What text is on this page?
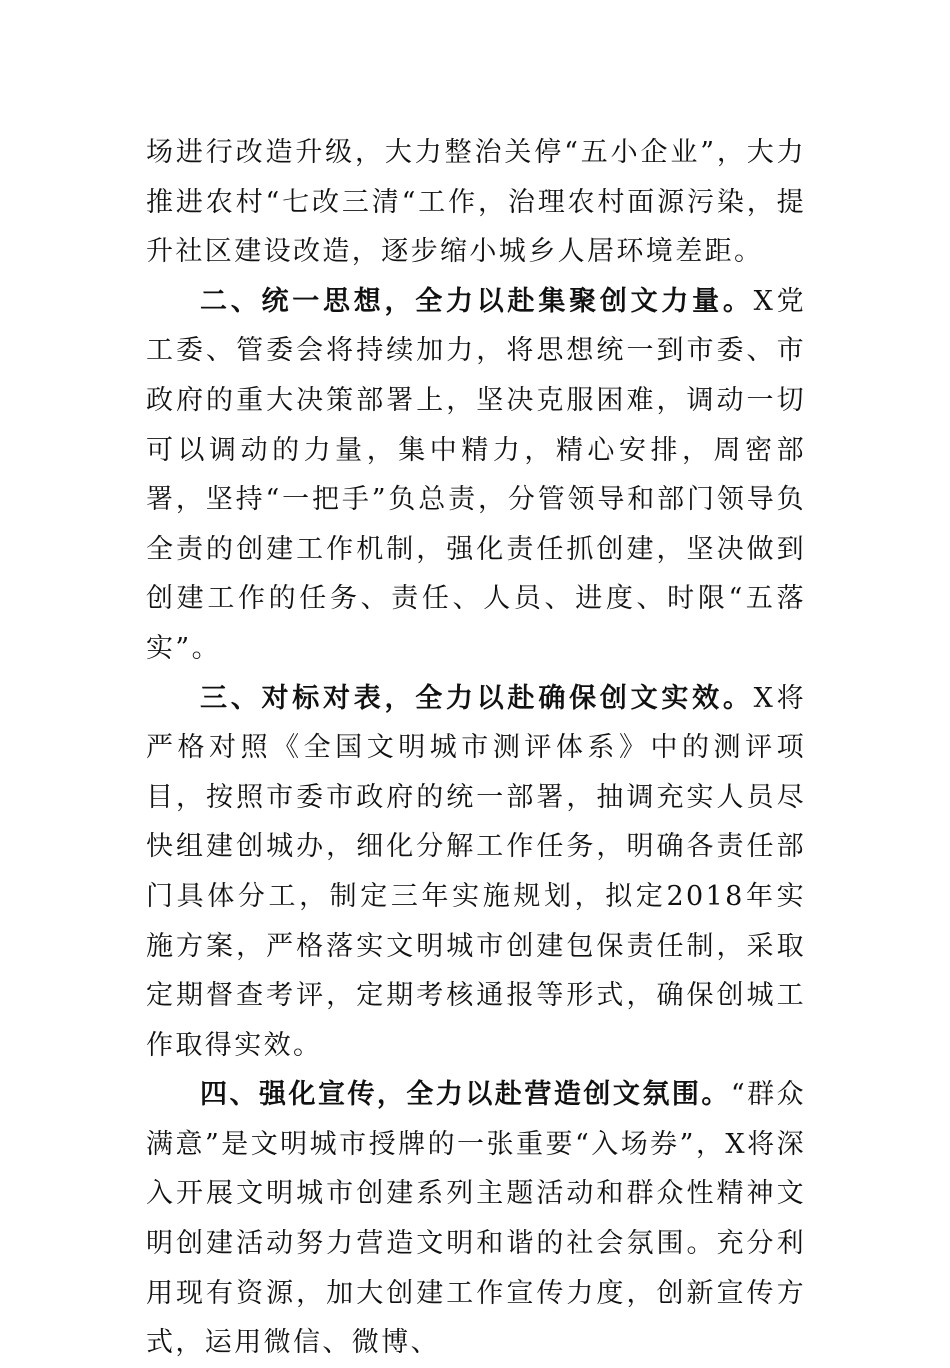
场进行改造升级，大力整治关停“五小企业”，大力推进农村“七改三清“工作，治理农村面源污染，提升社区建设改造，逐步缩小城乡人居环境差距。

二、统一思想，全力以赴集聚创文力量。X党工委、管委会将持续加力，将思想统一到市委、市政府的重大决策部署上，坚决克服困难，调动一切可以调动的力量，集中精力，精心安排，周密部署，坚持“一把手”负总责，分管领导和部门领导负全责的创建工作机制，强化责任抓创建，坚决做到创建工作的任务、责任、人员、进度、时限“五落实”。

三、对标对表，全力以赴确保创文实效。X将严格对照《全国文明城市测评体系》中的测评项目，按照市委市政府的统一部署，抽调充实人员尽快组建创城办，细化分解工作任务，明确各责任部门具体分工，制定三年实施规划，拟定2018年实施方案，严格落实文明城市创建包保责任制，采取定期督查考评，定期考核通报等形式，确保创城工作取得实效。

四、强化宣传，全力以赴营造创文氛围。“群众满意”是文明城市授牌的一张重要“入场券”，X将深入开展文明城市创建系列主题活动和群众性精神文明创建活动努力营造文明和谐的社会氛围。充分利用现有资源，加大创建工作宣传力度，创新宣传方式，运用微信、微博、
